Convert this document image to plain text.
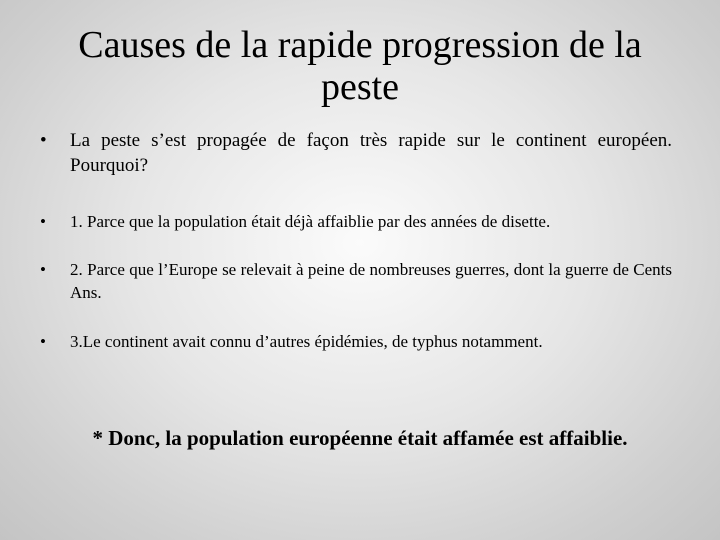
Causes de la rapide progression de la peste
• La peste s’est propagée de façon très rapide sur le continent européen. Pourquoi?
• 1. Parce que la population était déjà affaiblie par des années de disette.
• 2. Parce que l’Europe se relevait à peine de nombreuses guerres, dont la guerre de Cents Ans.
• 3.Le continent avait connu d’autres épidémies, de typhus notamment.
* Donc, la population européenne était affamée est affaiblie.
